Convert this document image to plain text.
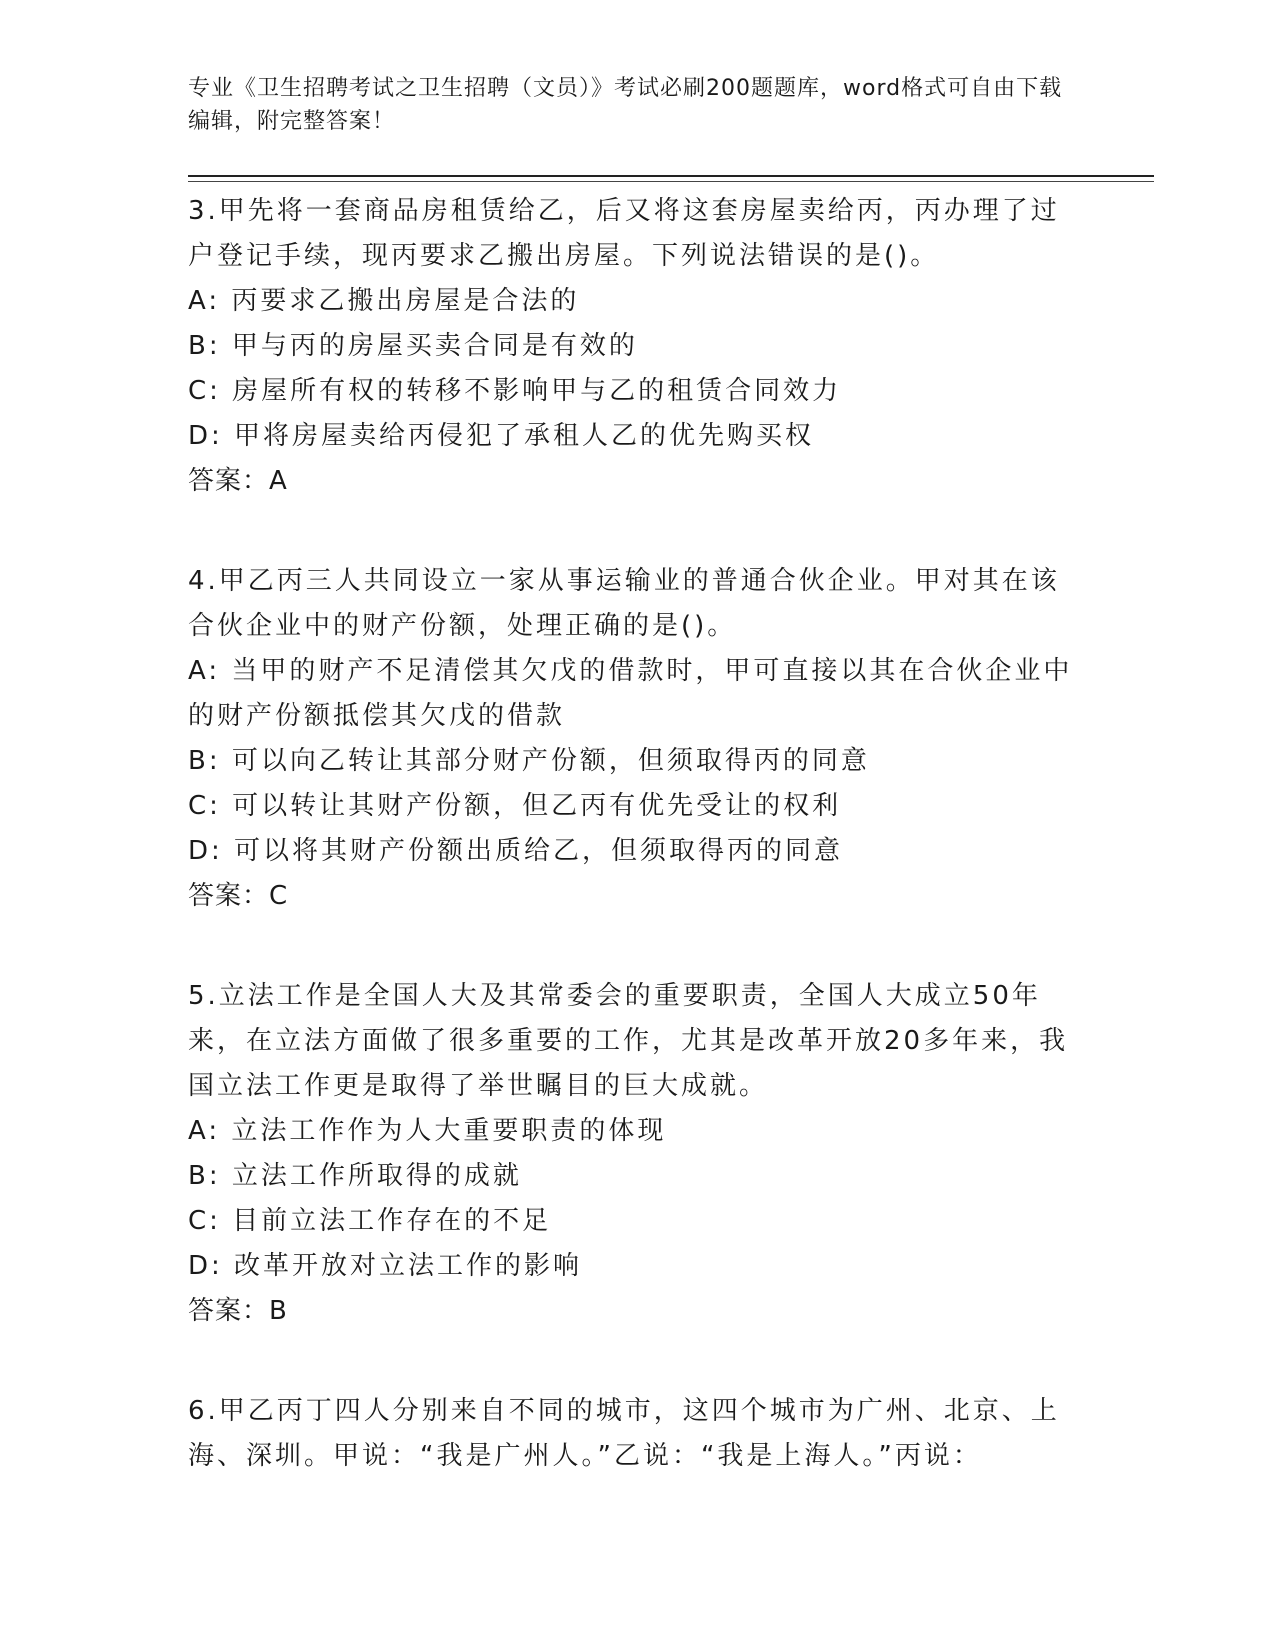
专业《卫生招聘考试之卫生招聘（文员）》考试必刷200题题库，word格式可自由下载编辑，附完整答案！

3.甲先将一套商品房租赁给乙，后又将这套房屋卖给丙，丙办理了过户登记手续，现丙要求乙搬出房屋。下列说法错误的是()。

A: 丙要求乙搬出房屋是合法的

B: 甲与丙的房屋买卖合同是有效的

C: 房屋所有权的转移不影响甲与乙的租赁合同效力

D: 甲将房屋卖给丙侵犯了承租人乙的优先购买权

答案：A

4.甲乙丙三人共同设立一家从事运输业的普通合伙企业。甲对其在该合伙企业中的财产份额，处理正确的是()。

A: 当甲的财产不足清偿其欠戊的借款时，甲可直接以其在合伙企业中的财产份额抵偿其欠戊的借款

B: 可以向乙转让其部分财产份额，但须取得丙的同意

C: 可以转让其财产份额，但乙丙有优先受让的权利

D: 可以将其财产份额出质给乙，但须取得丙的同意

答案：C

5.立法工作是全国人大及其常委会的重要职责，全国人大成立50年来，在立法方面做了很多重要的工作，尤其是改革开放20多年来，我国立法工作更是取得了举世瞩目的巨大成就。

A: 立法工作作为人大重要职责的体现

B: 立法工作所取得的成就

C: 目前立法工作存在的不足

D: 改革开放对立法工作的影响

答案：B

6.甲乙丙丁四人分别来自不同的城市，这四个城市为广州、北京、上海、深圳。甲说：“我是广州人。”乙说：“我是上海人。”丙说：
